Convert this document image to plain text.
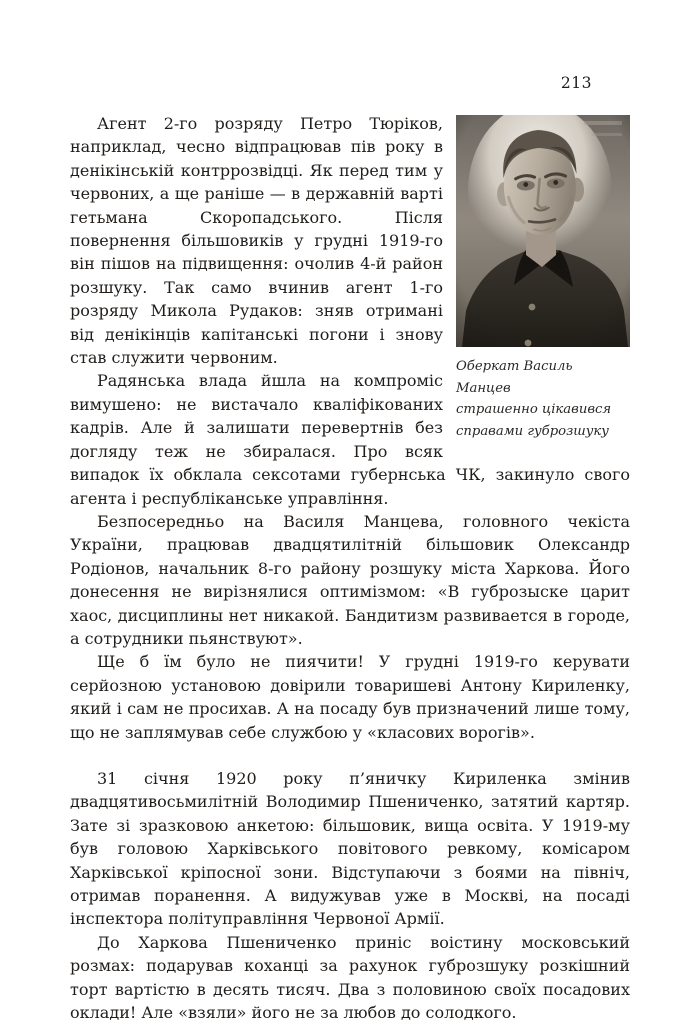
213
Оберкат Василь Манцев
страшенно цікавився
справами губрозшуку

Агент 2-го розряду Петро Тюріков, наприклад, чесно відпрацював пів року в денікінській контррозвідці. Як перед тим у червоних, а ще раніше — в державній варті гетьмана Скоропадського. Після повернення більшовиків у грудні 1919-го він пішов на підвищення: очолив 4-й район розшуку. Так само вчинив агент 1-го розряду Микола Рудаков: зняв отримані від денікінців капітанські погони і знову став служити червоним.

Радянська влада йшла на компроміс вимушено: не вистачало кваліфікованих кадрів. Але й залишати перевертнів без догляду теж не збиралася. Про всяк випадок їх обклала сексотами губернська ЧК, закинуло свого агента і республіканське управління.

Безпосередньо на Василя Манцева, головного чекіста України, працював двадцятилітній більшовик Олександр Родіонов, начальник 8-го району розшуку міста Харкова. Його донесення не вирізнялися оптимізмом: «В губрозыске царит хаос, дисциплины нет никакой. Бандитизм развивается в городе, а сотрудники пьянствуют».

Ще б їм було не пиячити! У грудні 1919-го керувати серйозною установою довірили товаришеві Антону Кириленку, який і сам не просихав. А на посаду був призначений лише тому, що не заплямував себе службою у «класових ворогів».

31 січня 1920 року п’яничку Кириленка змінив двадцятивосьмилітній Володимир Пшениченко, затятий картяр. Зате зі зразковою анкетою: більшовик, вища освіта. У 1919-му був головою Харківського повітового ревкому, комісаром Харківської кріпосної зони. Відступаючи з боями на північ, отримав поранення. А видужував уже в Москві, на посаді інспектора політуправління Червоної Армії.

До Харкова Пшениченко приніс воістину московський розмах: подарував коханці за рахунок губрозшуку розкішний торт вартістю в десять тисяч. Два з половиною своїх посадових оклади! Але «взяли» його не за любов до солодкого.
